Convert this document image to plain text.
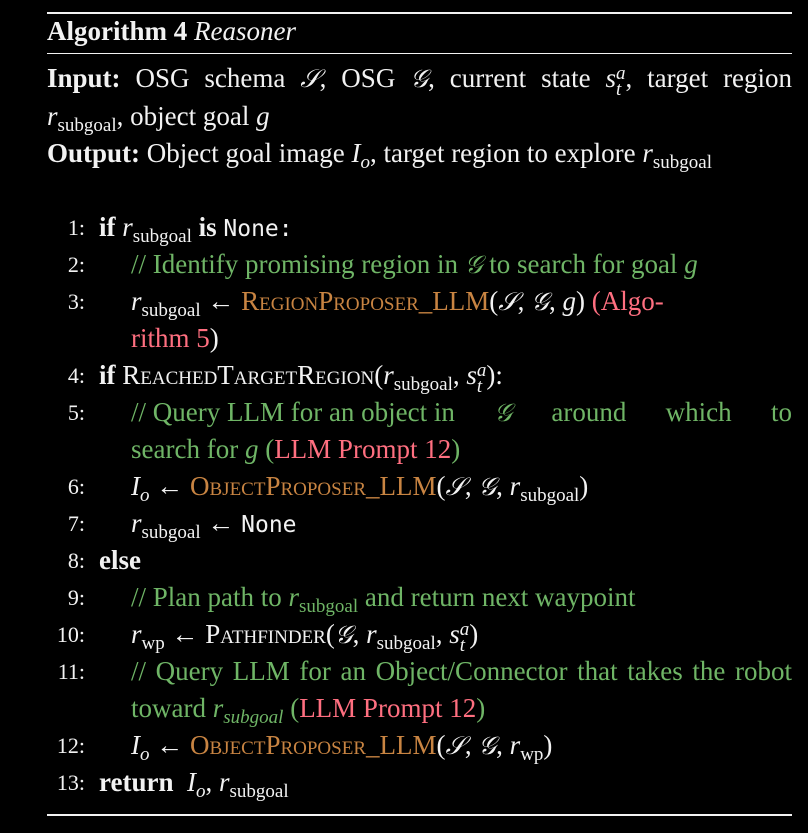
Algorithm 4 Reasoner
Input: OSG schema 𝒮, OSG 𝒢, current state s a
t , target region $r_{subgoal}$, object goal g
Output: Object goal image $I_o$, target region to explore $r_{subgoal}$
1: if $r_{subgoal}$ is None:
2: // Identify promising region in 𝒢 to search for goal g
3: $r_{subgoal}$ ← RegionProposer_LLM(𝒮, 𝒢, g) (Algo-
rithm 5)
4: if $ReachedTargetRegion(r_{subgoal}$, s a
t ):
5: // Query LLM for an object in 𝒢 around which to
search for g (LLM Prompt 12)
6: $I_o$ ← ObjectProposer_LLM(𝒮, 𝒢, $r_{subgoal}$)
7: $r_{subgoal}$ ← None
8: else
9: // Plan path to $r_{subgoal}$ and return next waypoint
10: $r_{wp}$ ← Pathfinder(𝒢, $r_{subgoal}$, s a
t )
11: // Query LLM for an Object/Connector that takes the robot toward $r_{subgoal}$ (LLM Prompt 12)
12: $I_o$ ← ObjectProposer_LLM(𝒮, 𝒢, $r_{wp}$)
13: return $I_o$, $r_{subgoal}$
